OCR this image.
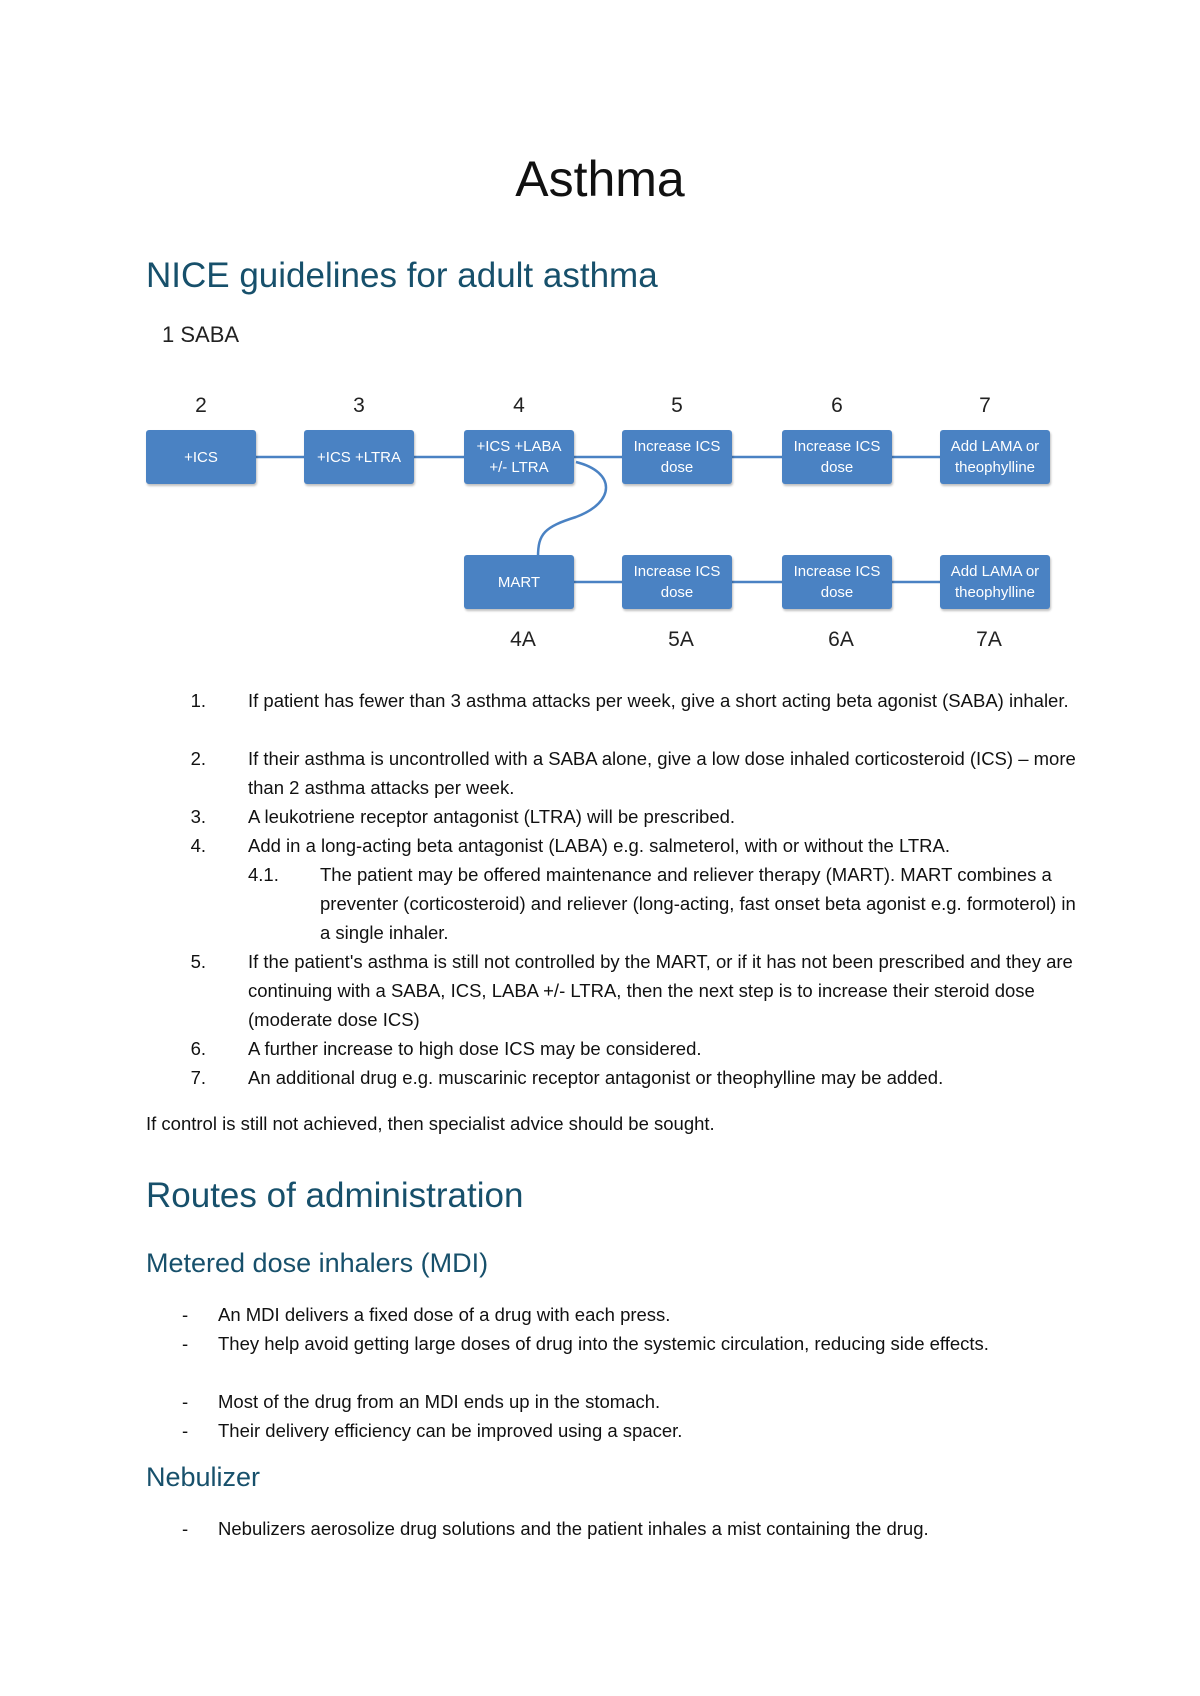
Asthma
NICE guidelines for adult asthma
1 SABA
2	3	4	5	6	7
+ICS	+ICS +LTRA
+ICS +LABA
+/- LTRA
Increase ICS
dose
Increase ICS
dose
Add LAMA or
theophylline
MART
Increase ICS
dose
Increase ICS
dose
Add LAMA or
theophylline
4A	5A	6A	7A
1. If patient has fewer than 3 asthma attacks per week, give a short acting beta agonist (SABA) inhaler.
2. If their asthma is uncontrolled with a SABA alone, give a low dose inhaled corticosteroid (ICS) – more than 2 asthma attacks per week.
3. A leukotriene receptor antagonist (LTRA) will be prescribed.
4. Add in a long-acting beta antagonist (LABA) e.g. salmeterol, with or without the LTRA.
4.1. The patient may be offered maintenance and reliever therapy (MART). MART combines a preventer (corticosteroid) and reliever (long-acting, fast onset beta agonist e.g. formoterol) in a single inhaler.
5. If the patient's asthma is still not controlled by the MART, or if it has not been prescribed and they are continuing with a SABA, ICS, LABA +/- LTRA, then the next step is to increase their steroid dose (moderate dose ICS)
6. A further increase to high dose ICS may be considered.
7. An additional drug e.g. muscarinic receptor antagonist or theophylline may be added.

If control is still not achieved, then specialist advice should be sought.

Routes of administration
Metered dose inhalers (MDI)
- An MDI delivers a fixed dose of a drug with each press.
- They help avoid getting large doses of drug into the systemic circulation, reducing side effects.
- Most of the drug from an MDI ends up in the stomach.
- Their delivery efficiency can be improved using a spacer.
Nebulizer
- Nebulizers aerosolize drug solutions and the patient inhales a mist containing the drug.
